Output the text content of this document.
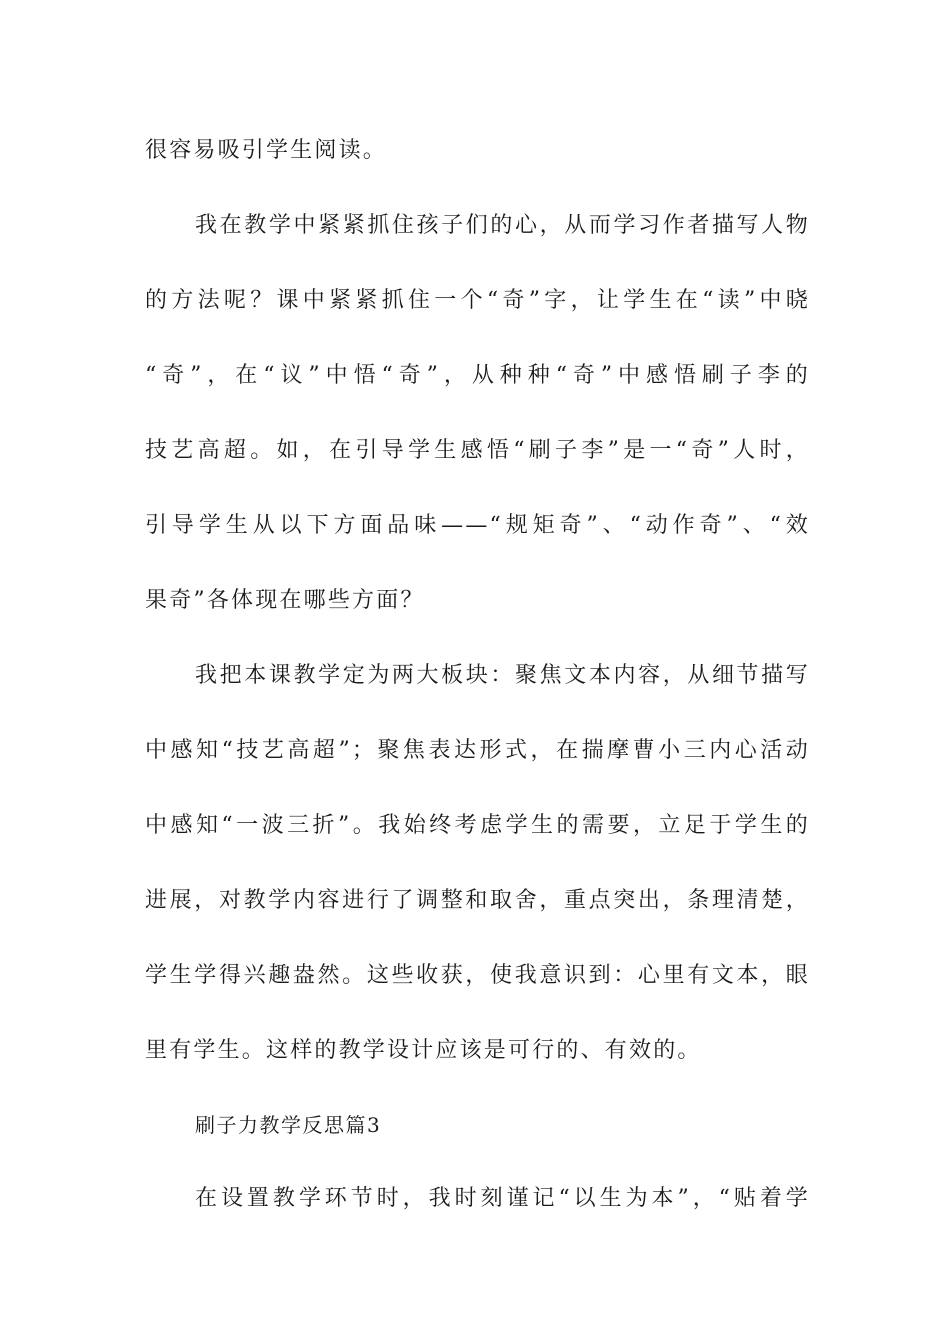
很容易吸引学生阅读。
我在教学中紧紧抓住孩子们的心，从而学习作者描写人物
的方法呢？课中紧紧抓住一个“奇”字，让学生在“读”中晓
“奇”，在“议”中悟“奇”，从种种“奇”中感悟刷子李的
技艺高超。如，在引导学生感悟“刷子李”是一“奇”人时，
引导学生从以下方面品味——“规矩奇”、“动作奇”、“效
果奇”各体现在哪些方面？
我把本课教学定为两大板块：聚焦文本内容，从细节描写
中感知“技艺高超”；聚焦表达形式，在揣摩曹小三内心活动
中感知“一波三折”。我始终考虑学生的需要，立足于学生的
进展，对教学内容进行了调整和取舍，重点突出，条理清楚，
学生学得兴趣盎然。这些收获，使我意识到：心里有文本，眼
里有学生。这样的教学设计应该是可行的、有效的。
刷子力教学反思篇3
在设置教学环节时，我时刻谨记“以生为本”，“贴着学
